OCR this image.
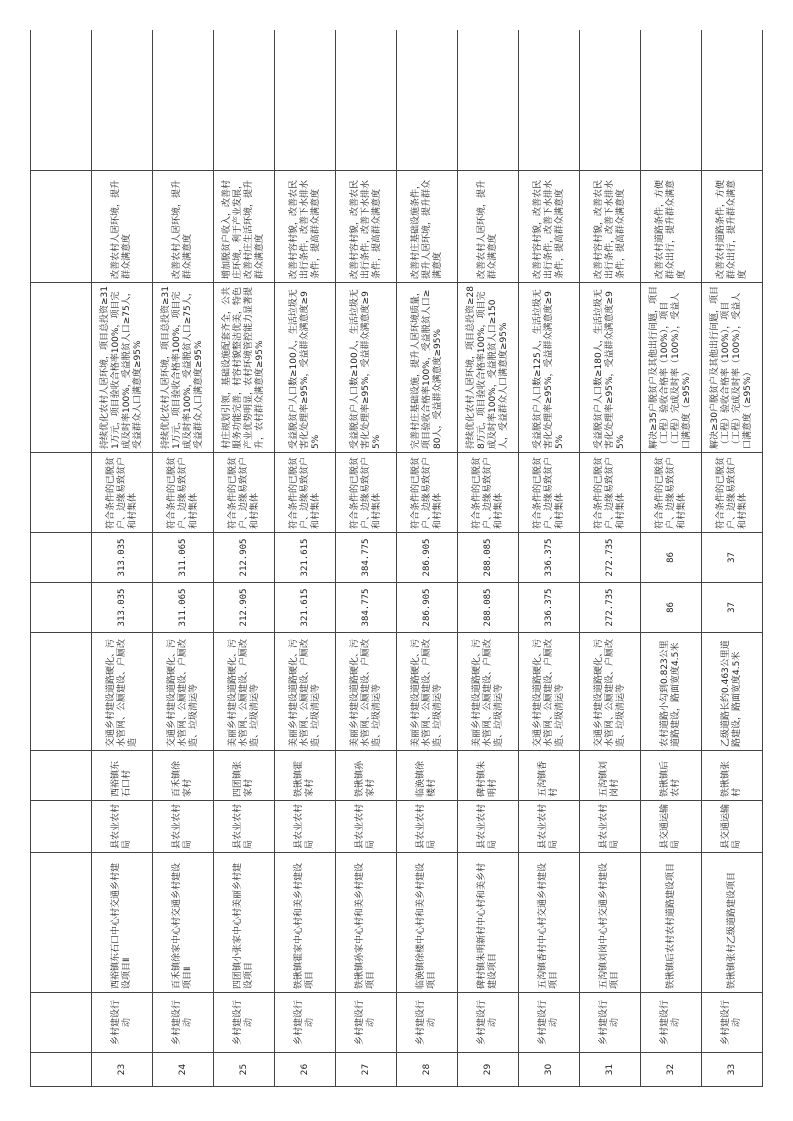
23	乡村建设行动	西裕镇东石口中心村交通乡村建设项目Ⅱ	县农业农村局	西裕镇东石口村	交通乡村建设道路硬化、污水管网、公厕建设、户厕改造	313.035	313.035	符合条件的已脱贫户、边缘易致贫户和村集体	持续优化农村人居环境，项目总投资≥311万元，项目验收合格率100%，项目完成及时率100%，受益脱贫人口≥75人，受益群众人口满意度≥95%	改善农村人居环境，提升群众满意度	
24	乡村建设行动	百禾镇徐家中心村交通乡村建设项目Ⅱ	县农业农村局	百禾镇徐家村	交通乡村建设道路硬化、污水管网、公厕建设、户厕改造、垃圾清运等	311.065	311.065	符合条件的已脱贫户、边缘易致贫户和村集体	持续优化农村人居环境，项目总投资≥311万元，项目验收合格率100%，项目完成及时率100%，受益脱贫人口≥75人，受益群众人口满意度≥95%	改善农村人居环境，提升群众满意度	
25	乡村建设行动	四团镇小张家中心村美丽乡村建设项目	县农业农村局	四团镇张家村	美丽乡村建设道路硬化、污水管网、公厕建设、户厕改造、垃圾清运等	212.905	212.905	符合条件的已脱贫户、边缘易致贫户和村集体	村庄规划引领，基础设施配套齐全，公共服务功能完善，村容村貌整洁优美，特色产业优势明显，农村环境管控能力显著提升，农村群众满意度≥95%	增加脱贫户收入，改善村庄环境，利于产业发展，改善村庄生活环境，提升群众满意度	
26	乡村建设行动	铁锹镇霍家中心村和美乡村建设项目	县农业农村局	铁锹镇霍家村	美丽乡村建设道路硬化、污水管网、公厕建设、户厕改造、垃圾清运等	321.615	321.615	符合条件的已脱贫户、边缘易致贫户和村集体	受益脱贫户人口数≥100人，生活垃圾无害化处理率≥95%，受益群众满意度≥95%	改善村容村貌，改善农民出行条件，改善下水排水条件，提高群众满意度	
27	乡村建设行动	铁锹镇孙家中心村和美乡村建设项目	县农业农村局	铁锹镇孙家村	美丽乡村建设道路硬化、污水管网、公厕建设、户厕改造、垃圾清运等	384.775	384.775	符合条件的已脱贫户、边缘易致贫户和村集体	受益脱贫户人口数≥100人，生活垃圾无害化处理率≥95%，受益群众满意度≥95%	改善村容村貌，改善农民出行条件，改善下水排水条件，提高群众满意度	
28	乡村建设行动	临涣镇徐楼中心村和美乡村建设项目	县农业农村局	临涣镇徐楼村	美丽乡村建设道路硬化、污水管网、公厕建设、户厕改造、垃圾清运等	286.905	286.905	符合条件的已脱贫户、边缘易致贫户和村集体	完善村庄基础设施，提升人居环境质量，项目验收合格率100%，受益脱贫人口≥80人，受益群众满意度≥95%	改善村庄基础设施条件，提升人居环境，提升群众满意度	
29	乡村建设行动	碑村镇朱明新村中心村和美乡村建设项目	县农业农村局	碑村镇朱明村	美丽乡村建设道路硬化、污水管网、公厕建设、户厕改造、垃圾清运等	288.085	288.085	符合条件的已脱贫户、边缘易致贫户和村集体	持续优化农村人居环境，项目总投资≥288万元，项目验收合格率100%，项目完成及时率100%，受益脱贫人口≥150人，受益群众人口满意度≥95%	改善农村人居环境，提升群众满意度	
30	乡村建设行动	五沟镇香村中心村交通乡村建设项目	县农业农村局	五沟镇香村	交通乡村建设道路硬化、污水管网、公厕建设、户厕改造、垃圾清运等	336.375	336.375	符合条件的已脱贫户、边缘易致贫户和村集体	受益脱贫户人口数≥125人，生活垃圾无害化处理率≥95%，受益群众满意度≥95%	改善村容村貌，改善农民出行条件，改善下水排水条件，提高群众满意度	
31	乡村建设行动	五沟镇刘岗中心村交通乡村建设项目	县农业农村局	五沟镇刘岗村	交通乡村建设道路硬化、污水管网、公厕建设、户厕改造、垃圾清运等	272.735	272.735	符合条件的已脱贫户、边缘易致贫户和村集体	受益脱贫户人口数≥180人，生活垃圾无害化处理率≥95%，受益群众满意度≥95%	改善村容村貌，改善农民出行条件，改善下水排水条件，提高群众满意度	
32	乡村建设行动	铁锹镇后农村农村道路建设项目	县交通运输局	铁锹镇后农村	农村道路小勾到0.823公里道路建设，路面宽度4.5米	86	86	符合条件的已脱贫户、边缘易致贫户和村集体	解决≥35户脱贫户及其他出行问题，项目（工程）验收合格率（100%），项目（工程）完成及时率（100%），受益人口满意度（≥95%）	改善农村道路条件，方便群众出行，提升群众满意度	
33	乡村建设行动	铁锹镇张村乙级道路建设项目	县交通运输局	铁锹镇张村	乙级道路长约0.463公里道路建设，路面宽度4.5米	37	37	符合条件的已脱贫户、边缘易致贫户和村集体	解决≥30户脱贫户及其他出行问题，项目（工程）验收合格率（100%），项目（工程）完成及时率（100%），受益人口满意度（≥95%）	改善农村道路条件，方便群众出行，提升群众满意度	
